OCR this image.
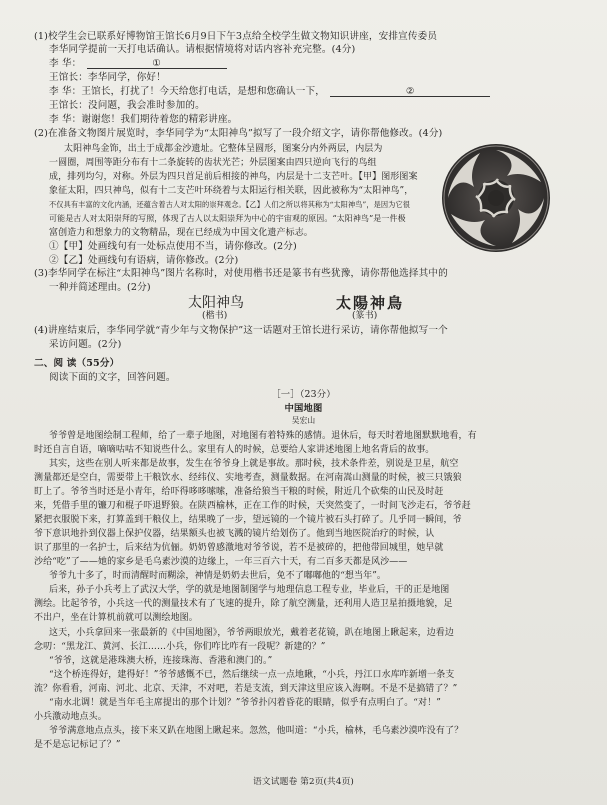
(1)校学生会已联系好博物馆王馆长6月9日下午3点给全校学生做文物知识讲座，安排宣传委员
李华同学提前一天打电话确认。请根据情境将对话内容补充完整。(4分)
李 华：	①
王馆长：李华同学，你好！
李 华：王馆长，打扰了！今天给您打电话，是想和您确认一下，	②
王馆长：没问题，我会准时参加的。
李 华：谢谢您！我们期待着您的精彩讲座。
(2)在准备文物图片展览时，李华同学为“太阳神鸟”拟写了一段介绍文字，请你帮他修改。(4分)
太阳神鸟金饰，出土于成都金沙遗址。它整体呈圆形，图案分内外两层，内层为
一圆圈，周围等距分布有十二条旋转的齿状光芒；外层图案由四只逆向飞行的鸟组
成，排列均匀，对称。外层为四只首足前后相接的神鸟，内层是十二支芒叶。【甲】图形图案
象征太阳，四只神鸟，似有十二支芒叶环绕着与太阳运行相关联，因此被称为“太阳神鸟”，
不仅具有丰富的文化内涵，还蕴含着古人对太阳的崇拜观念。【乙】人们之所以将其称为“太阳神鸟”，是因为它很
可能是古人对太阳崇拜的写照，体现了古人以太阳崇拜为中心的宇宙观的原因。“太阳神鸟”是一件极
富创造力和想象力的文物精品，现在已经成为中国文化遗产标志。
①【甲】处画线句有一处标点使用不当，请你修改。(2分)
②【乙】处画线句有语病，请你修改。(2分)
(3)李华同学在标注“太阳神鸟”图片名称时，对使用楷书还是篆书有些犹豫，请你帮他选择其中的
一种并简述理由。(2分)
太阳神鸟
(楷书)
太陽神鳥
(篆书)
(4)讲座结束后，李华同学就“青少年与文物保护”这一话题对王馆长进行采访，请你帮他拟写一个
采访问题。(2分)
二、阅 读（55分）
阅读下面的文字，回答问题。
［一］（23分）
中国地图
吴宏山
爷爷曾是地图绘制工程师，给了一辈子地图，对地图有着特殊的感情。退休后，每天时着地图默默地看，有
时还自言自语，嘀嘀咕咕不知说些什么。家里有人的时候，总要给人家讲述地图上地名背后的故事。
其实，这些在别人听来都是故事，发生在爷爷身上就是事故。那时候，技术条件差，别说是卫星，航空
测量都还是空白，需要带上干粮饮水、经纬仪、实地考查，测量数据。在河南嵩山测量的时候，被三只饿狼
盯上了。爷爷当时还是小青年，给吓得哆哆嗦嗦，准备给狼当干粮的时候，附近几个砍柴的山民及时赶
来，凭借手里的镰刀和棍子吓退野狼。在陕西榆林，正在工作的时候，天突然变了，一时间飞沙走石，爷爷赶
紧把衣服脱下来，打算盖到干粮仪上，结果晚了一步，望远镜的一个镜片被石头打碎了。几乎同一瞬间，爷
爷下意识地扑到仪器上保护仪器，结果额头也被飞溅的镜片给划伤了。他到当地医院治疗的时候，认
识了那里的一名护士，后来结为伉俪。奶奶曾感激地对爷爷说，若不是被碎的，把他带回城里，她早就
沙给“吃”了——她的家乡是毛乌素沙漠的边缘上，一年三百六十天，有二百多天都是风沙——
爷爷九十多了，时而清醒时而糊涂，神情是奶奶去世后，免不了嘟嘟他的“想当年”。
后来，孙子小兵考上了武汉大学，学的就是地图制图学与地理信息工程专业，毕业后，干的正是地图
测绘。比起爷爷，小兵这一代的测量技术有了飞速的提升，除了航空测量，还利用人造卫星拍摄地貌，足
不出户，坐在计算机前就可以测绘地图。
这天，小兵拿回来一张最新的《中国地图》，爷爷两眼放光，戴着老花镜，趴在地图上瞅起来，边看边
念叨：“黑龙江、黄河、长江……小兵，你们咋比咋有一段呢？新建的？”
“爷爷，这就是港珠澳大桥，连接珠海、香港和澳门的。”
“这个桥连得好，建得好！”爷爷感慨不已，然后继续一点一点地瞅，“小兵，丹江口水库咋新增一条支
流？你看看，河南、河北、北京、天津，不对吧，若是支流，到天津这里应该入海啊。不是不是搞错了？”
“南水北调！就是当年毛主席提出的那个计划？”爷爷扑闪着昏花的眼睛，似乎有点明白了。“对！”
小兵激动地点头。
爷爷满意地点点头，接下来又趴在地图上瞅起来。忽然，他叫道：“小兵，榆林，毛乌素沙漠咋没有了？
是不是忘记标记了？”
语文试题卷 第2页(共4页)
